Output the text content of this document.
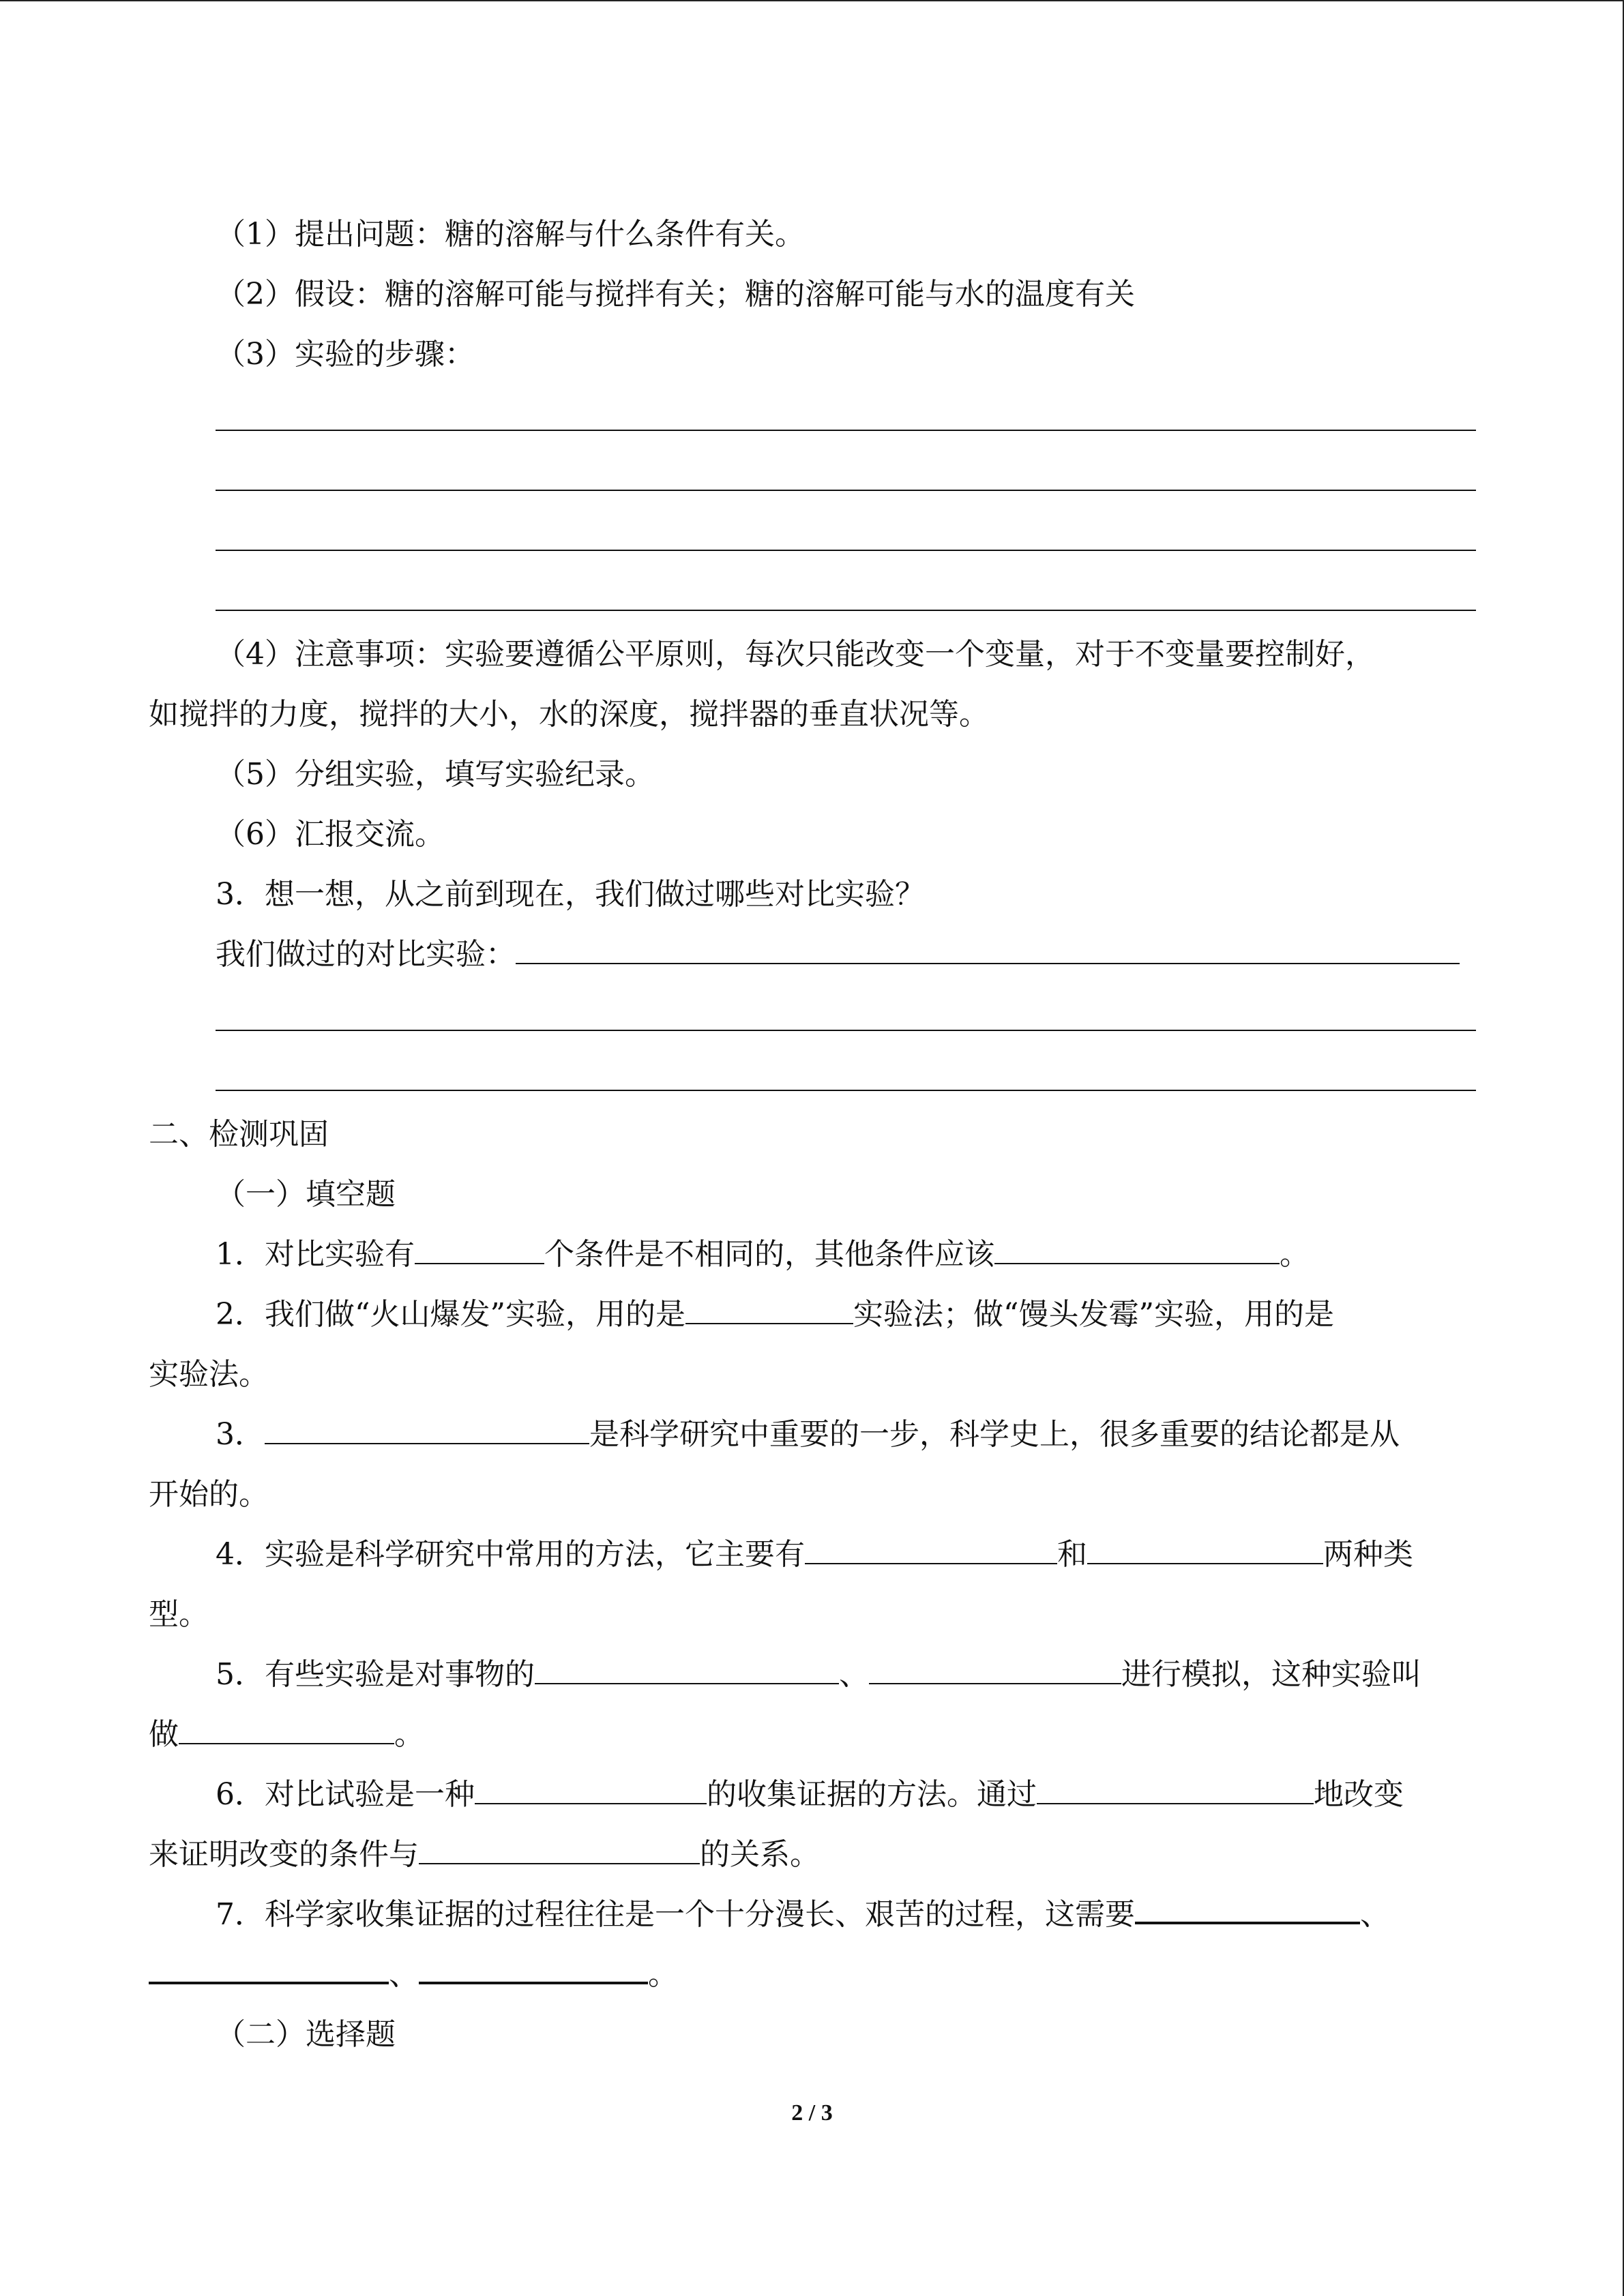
（1）提出问题：糖的溶解与什么条件有关。
（2）假设：糖的溶解可能与搅拌有关；糖的溶解可能与水的温度有关
（3）实验的步骤：
（4）注意事项：实验要遵循公平原则，每次只能改变一个变量，对于不变量要控制好，
如搅拌的力度，搅拌的大小，水的深度，搅拌器的垂直状况等。
（5）分组实验，填写实验纪录。
（6）汇报交流。
3．想一想，从之前到现在，我们做过哪些对比实验？
我们做过的对比实验：
二、检测巩固
（一）填空题
1．对比实验有	个条件是不相同的，其他条件应该	。
2．我们做“火山爆发”实验，用的是	实验法；做“馒头发霉”实验，用的是
实验法。
3．	是科学研究中重要的一步，科学史上，很多重要的结论都是从
开始的。
4．实验是科学研究中常用的方法，它主要有	和	两种类
型。
5．有些实验是对事物的	、	进行模拟，这种实验叫
做	。
6．对比试验是一种	的收集证据的方法。通过	地改变
来证明改变的条件与	的关系。
7．科学家收集证据的过程往往是一个十分漫长、艰苦的过程，这需要	、
、	。
（二）选择题
2 / 3
